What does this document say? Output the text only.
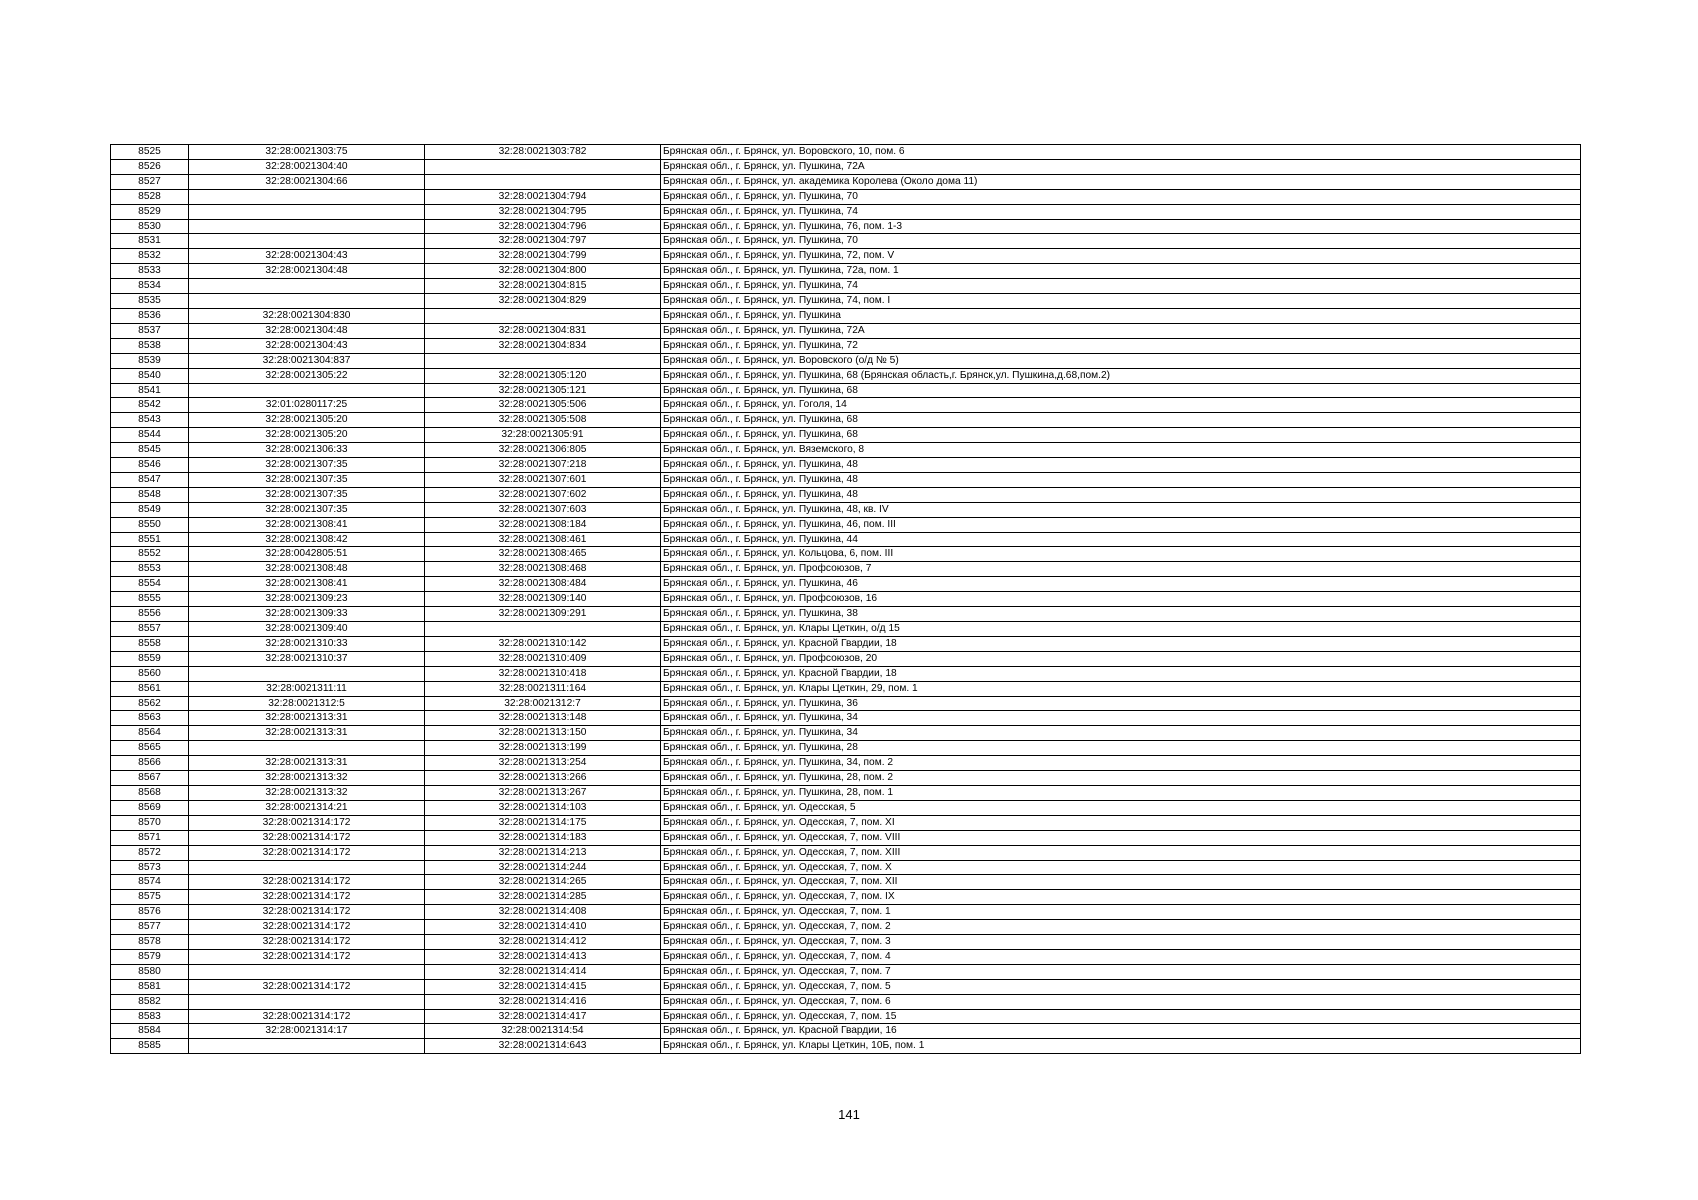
8525	32:28:0021303:75	32:28:0021303:782	Брянская обл., г. Брянск, ул. Воровского, 10, пом. 6
8526	32:28:0021304:40		Брянская обл., г. Брянск, ул. Пушкина, 72А
8527	32:28:0021304:66		Брянская обл., г. Брянск, ул. академика Королева (Около дома 11)
8528		32:28:0021304:794	Брянская обл., г. Брянск, ул. Пушкина, 70
8529		32:28:0021304:795	Брянская обл., г. Брянск, ул. Пушкина, 74
8530		32:28:0021304:796	Брянская обл., г. Брянск, ул. Пушкина, 76, пом. 1-3
8531		32:28:0021304:797	Брянская обл., г. Брянск, ул. Пушкина, 70
8532	32:28:0021304:43	32:28:0021304:799	Брянская обл., г. Брянск, ул. Пушкина, 72, пом. V
8533	32:28:0021304:48	32:28:0021304:800	Брянская обл., г. Брянск, ул. Пушкина, 72а, пом. 1
8534		32:28:0021304:815	Брянская обл., г. Брянск, ул. Пушкина, 74
8535		32:28:0021304:829	Брянская обл., г. Брянск, ул. Пушкина, 74, пом. I
8536	32:28:0021304:830		Брянская обл., г. Брянск, ул. Пушкина
8537	32:28:0021304:48	32:28:0021304:831	Брянская обл., г. Брянск, ул. Пушкина, 72А
8538	32:28:0021304:43	32:28:0021304:834	Брянская обл., г. Брянск, ул. Пушкина, 72
8539	32:28:0021304:837		Брянская обл., г. Брянск, ул. Воровского (о/д № 5)
8540	32:28:0021305:22	32:28:0021305:120	Брянская обл., г. Брянск, ул. Пушкина, 68 (Брянская область,г. Брянск,ул. Пушкина,д.68,пом.2)
8541		32:28:0021305:121	Брянская обл., г. Брянск, ул. Пушкина, 68
8542	32:01:0280117:25	32:28:0021305:506	Брянская обл., г. Брянск, ул. Гоголя, 14
8543	32:28:0021305:20	32:28:0021305:508	Брянская обл., г. Брянск, ул. Пушкина, 68
8544	32:28:0021305:20	32:28:0021305:91	Брянская обл., г. Брянск, ул. Пушкина, 68
8545	32:28:0021306:33	32:28:0021306:805	Брянская обл., г. Брянск, ул. Вяземского, 8
8546	32:28:0021307:35	32:28:0021307:218	Брянская обл., г. Брянск, ул. Пушкина, 48
8547	32:28:0021307:35	32:28:0021307:601	Брянская обл., г. Брянск, ул. Пушкина, 48
8548	32:28:0021307:35	32:28:0021307:602	Брянская обл., г. Брянск, ул. Пушкина, 48
8549	32:28:0021307:35	32:28:0021307:603	Брянская обл., г. Брянск, ул. Пушкина, 48, кв. IV
8550	32:28:0021308:41	32:28:0021308:184	Брянская обл., г. Брянск, ул. Пушкина, 46, пом. III
8551	32:28:0021308:42	32:28:0021308:461	Брянская обл., г. Брянск, ул. Пушкина, 44
8552	32:28:0042805:51	32:28:0021308:465	Брянская обл., г. Брянск, ул. Кольцова, 6, пом. III
8553	32:28:0021308:48	32:28:0021308:468	Брянская обл., г. Брянск, ул. Профсоюзов, 7
8554	32:28:0021308:41	32:28:0021308:484	Брянская обл., г. Брянск, ул. Пушкина, 46
8555	32:28:0021309:23	32:28:0021309:140	Брянская обл., г. Брянск, ул. Профсоюзов, 16
8556	32:28:0021309:33	32:28:0021309:291	Брянская обл., г. Брянск, ул. Пушкина, 38
8557	32:28:0021309:40		Брянская обл., г. Брянск, ул. Клары Цеткин, о/д 15
8558	32:28:0021310:33	32:28:0021310:142	Брянская обл., г. Брянск, ул. Красной Гвардии, 18
8559	32:28:0021310:37	32:28:0021310:409	Брянская обл., г. Брянск, ул. Профсоюзов, 20
8560		32:28:0021310:418	Брянская обл., г. Брянск, ул. Красной Гвардии, 18
8561	32:28:0021311:11	32:28:0021311:164	Брянская обл., г. Брянск, ул. Клары Цеткин, 29, пом. 1
8562	32:28:0021312:5	32:28:0021312:7	Брянская обл., г. Брянск, ул. Пушкина, 36
8563	32:28:0021313:31	32:28:0021313:148	Брянская обл., г. Брянск, ул. Пушкина, 34
8564	32:28:0021313:31	32:28:0021313:150	Брянская обл., г. Брянск, ул. Пушкина, 34
8565		32:28:0021313:199	Брянская обл., г. Брянск, ул. Пушкина, 28
8566	32:28:0021313:31	32:28:0021313:254	Брянская обл., г. Брянск, ул. Пушкина, 34, пом. 2
8567	32:28:0021313:32	32:28:0021313:266	Брянская обл., г. Брянск, ул. Пушкина, 28, пом. 2
8568	32:28:0021313:32	32:28:0021313:267	Брянская обл., г. Брянск, ул. Пушкина, 28, пом. 1
8569	32:28:0021314:21	32:28:0021314:103	Брянская обл., г. Брянск, ул. Одесская, 5
8570	32:28:0021314:172	32:28:0021314:175	Брянская обл., г. Брянск, ул. Одесская, 7, пом. XI
8571	32:28:0021314:172	32:28:0021314:183	Брянская обл., г. Брянск, ул. Одесская, 7, пом. VIII
8572	32:28:0021314:172	32:28:0021314:213	Брянская обл., г. Брянск, ул. Одесская, 7, пом. XIII
8573		32:28:0021314:244	Брянская обл., г. Брянск, ул. Одесская, 7, пом. X
8574	32:28:0021314:172	32:28:0021314:265	Брянская обл., г. Брянск, ул. Одесская, 7, пом. XII
8575	32:28:0021314:172	32:28:0021314:285	Брянская обл., г. Брянск, ул. Одесская, 7, пом. IX
8576	32:28:0021314:172	32:28:0021314:408	Брянская обл., г. Брянск, ул. Одесская, 7, пом. 1
8577	32:28:0021314:172	32:28:0021314:410	Брянская обл., г. Брянск, ул. Одесская, 7, пом. 2
8578	32:28:0021314:172	32:28:0021314:412	Брянская обл., г. Брянск, ул. Одесская, 7, пом. 3
8579	32:28:0021314:172	32:28:0021314:413	Брянская обл., г. Брянск, ул. Одесская, 7, пом. 4
8580		32:28:0021314:414	Брянская обл., г. Брянск, ул. Одесская, 7, пом. 7
8581	32:28:0021314:172	32:28:0021314:415	Брянская обл., г. Брянск, ул. Одесская, 7, пом. 5
8582		32:28:0021314:416	Брянская обл., г. Брянск, ул. Одесская, 7, пом. 6
8583	32:28:0021314:172	32:28:0021314:417	Брянская обл., г. Брянск, ул. Одесская, 7, пом. 15
8584	32:28:0021314:17	32:28:0021314:54	Брянская обл., г. Брянск, ул. Красной Гвардии, 16
8585		32:28:0021314:643	Брянская обл., г. Брянск, ул. Клары Цеткин, 10Б, пом. 1
141
